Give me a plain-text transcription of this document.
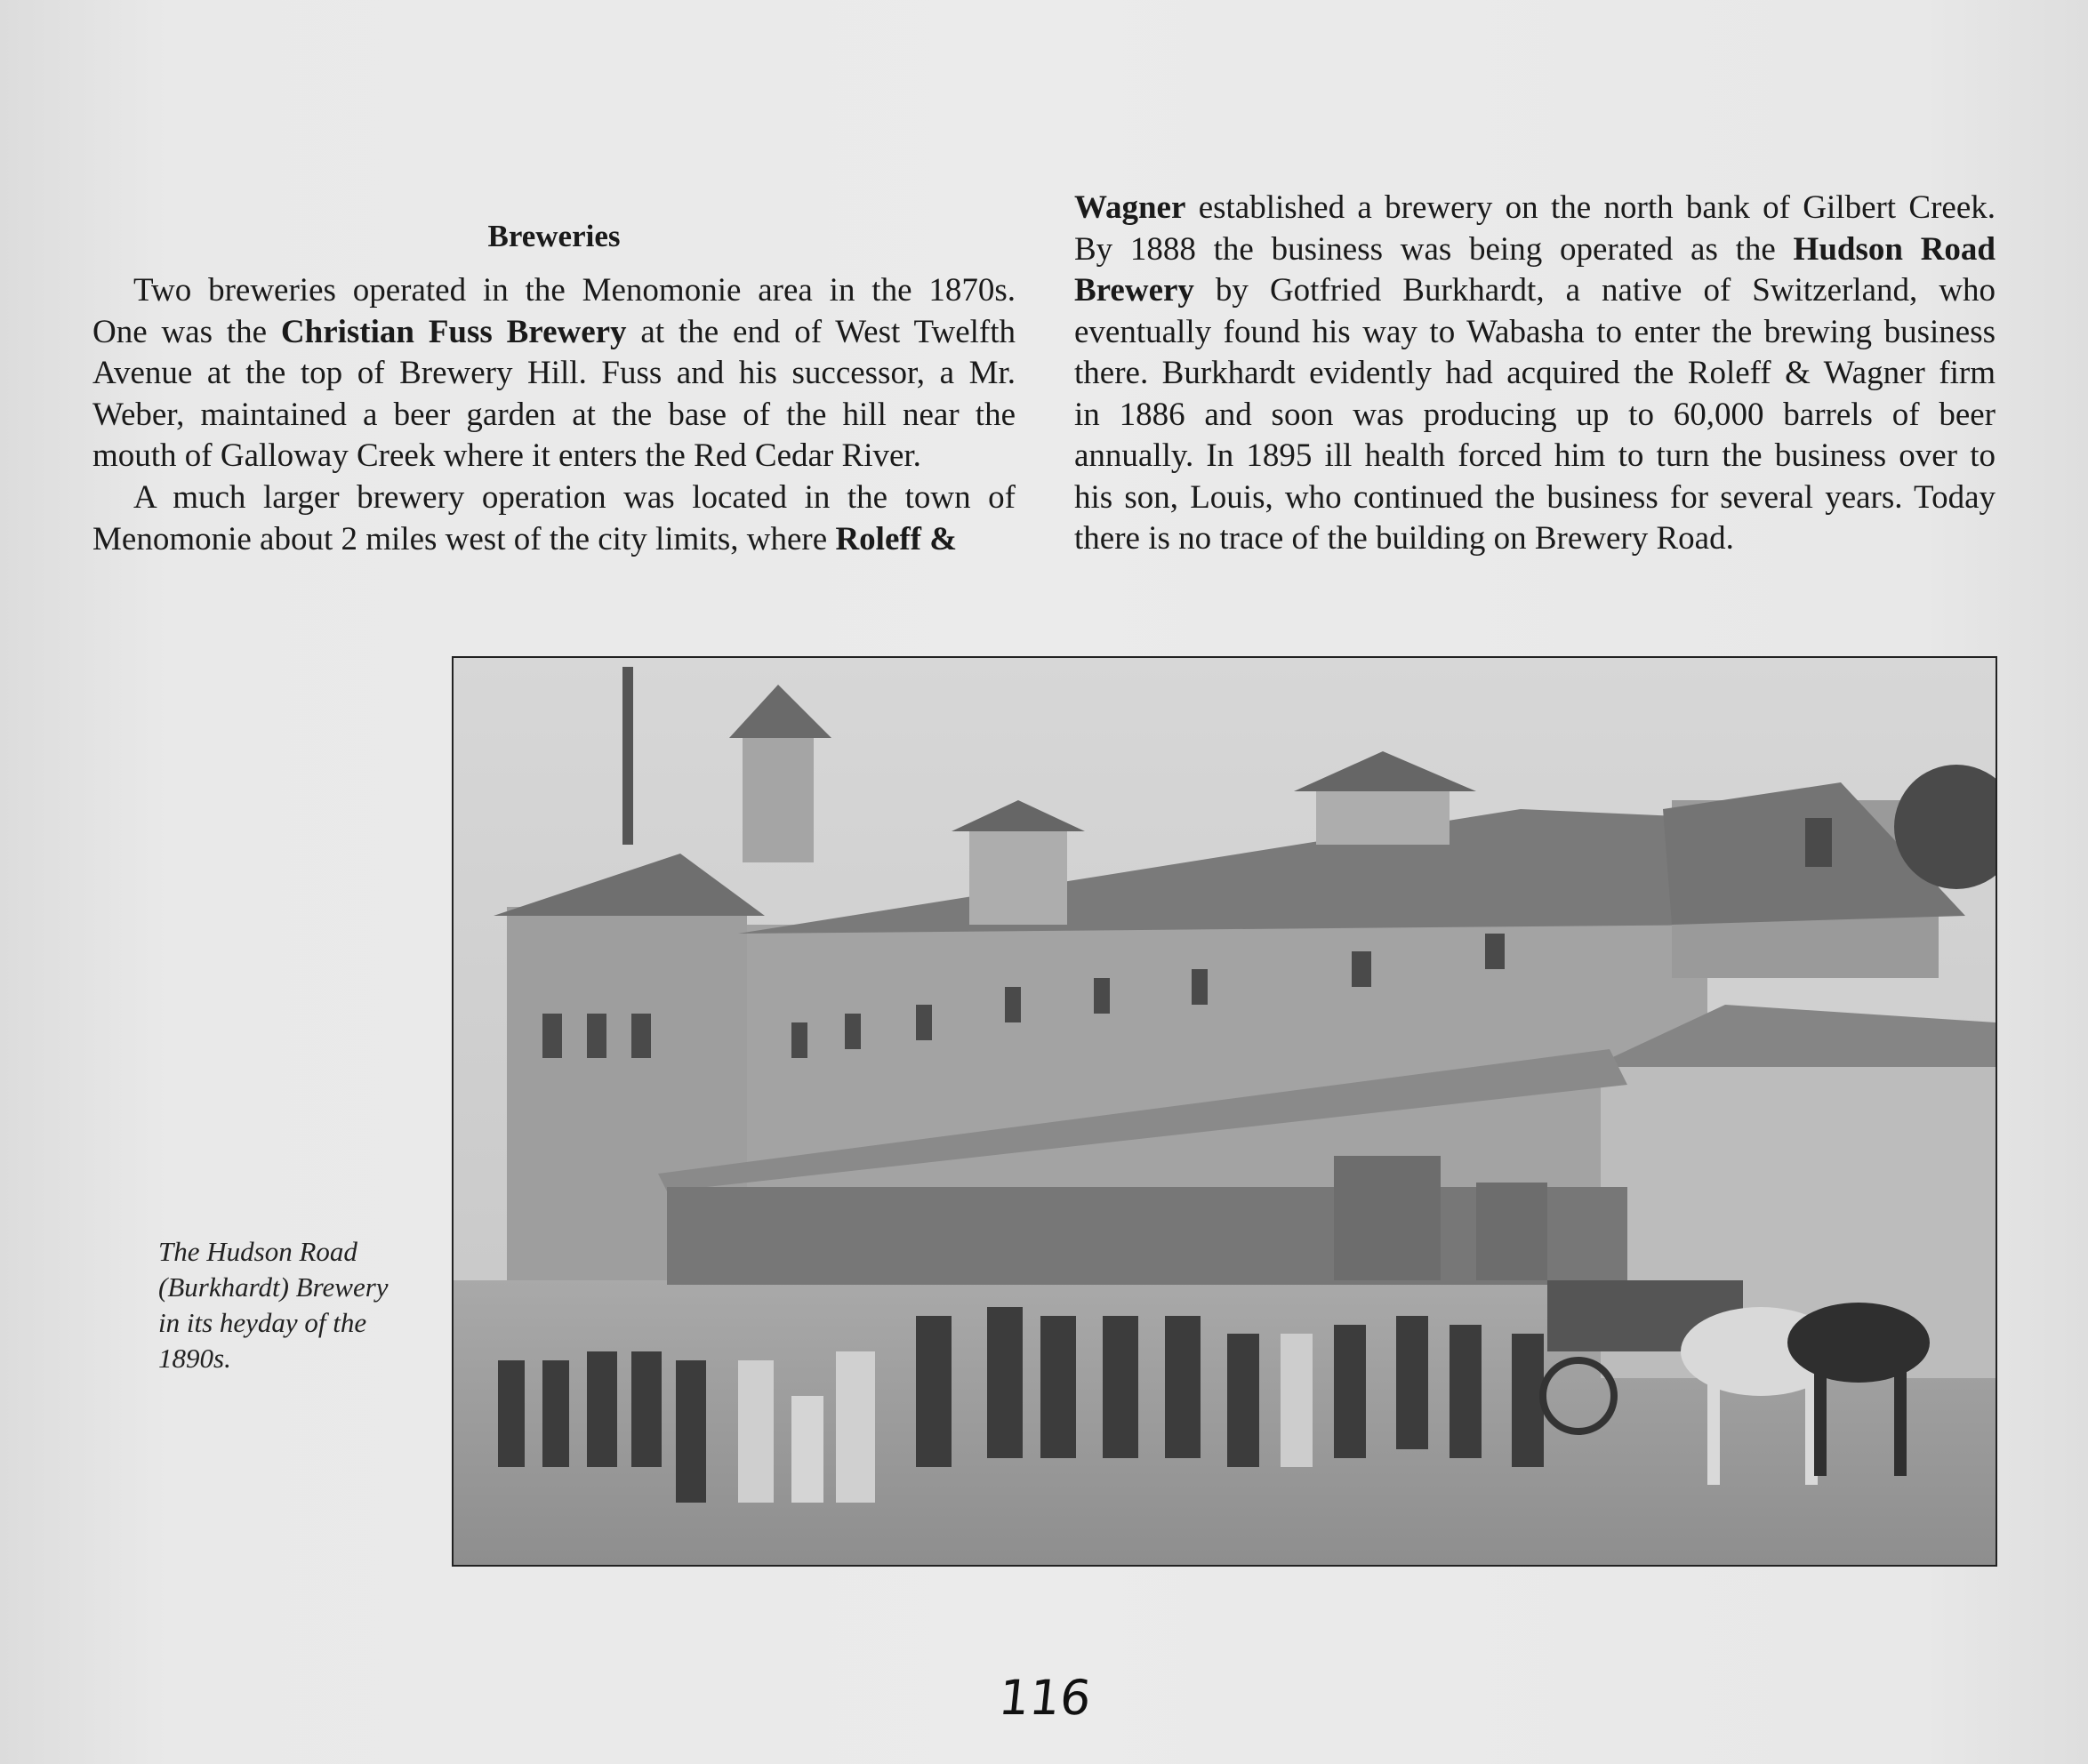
Breweries
Two breweries operated in the Menomonie area in the 1870s.
One was the Christian Fuss Brewery at the end of West Twelfth
Avenue at the top of Brewery Hill. Fuss and his successor, a Mr.
Weber, maintained a beer garden at the base of the hill near the
mouth of Galloway Creek where it enters the Red Cedar River.
A much larger brewery operation was located in the town of
Menomonie about 2 miles west of the city limits, where Roleff &
Wagner established a brewery on the north bank of Gilbert Creek.
By 1888 the business was being operated as the Hudson Road
Brewery by Gotfried Burkhardt, a native of Switzerland, who
eventually found his way to Wabasha to enter the brewing business
there. Burkhardt evidently had acquired the Roleff & Wagner firm
in 1886 and soon was producing up to 60,000 barrels of beer
annually. In 1895 ill health forced him to turn the business over to
his son, Louis, who continued the business for several years. Today
there is no trace of the building on Brewery Road.
The Hudson Road
(Burkhardt) Brewery
in its heyday of the
1890s.
116
